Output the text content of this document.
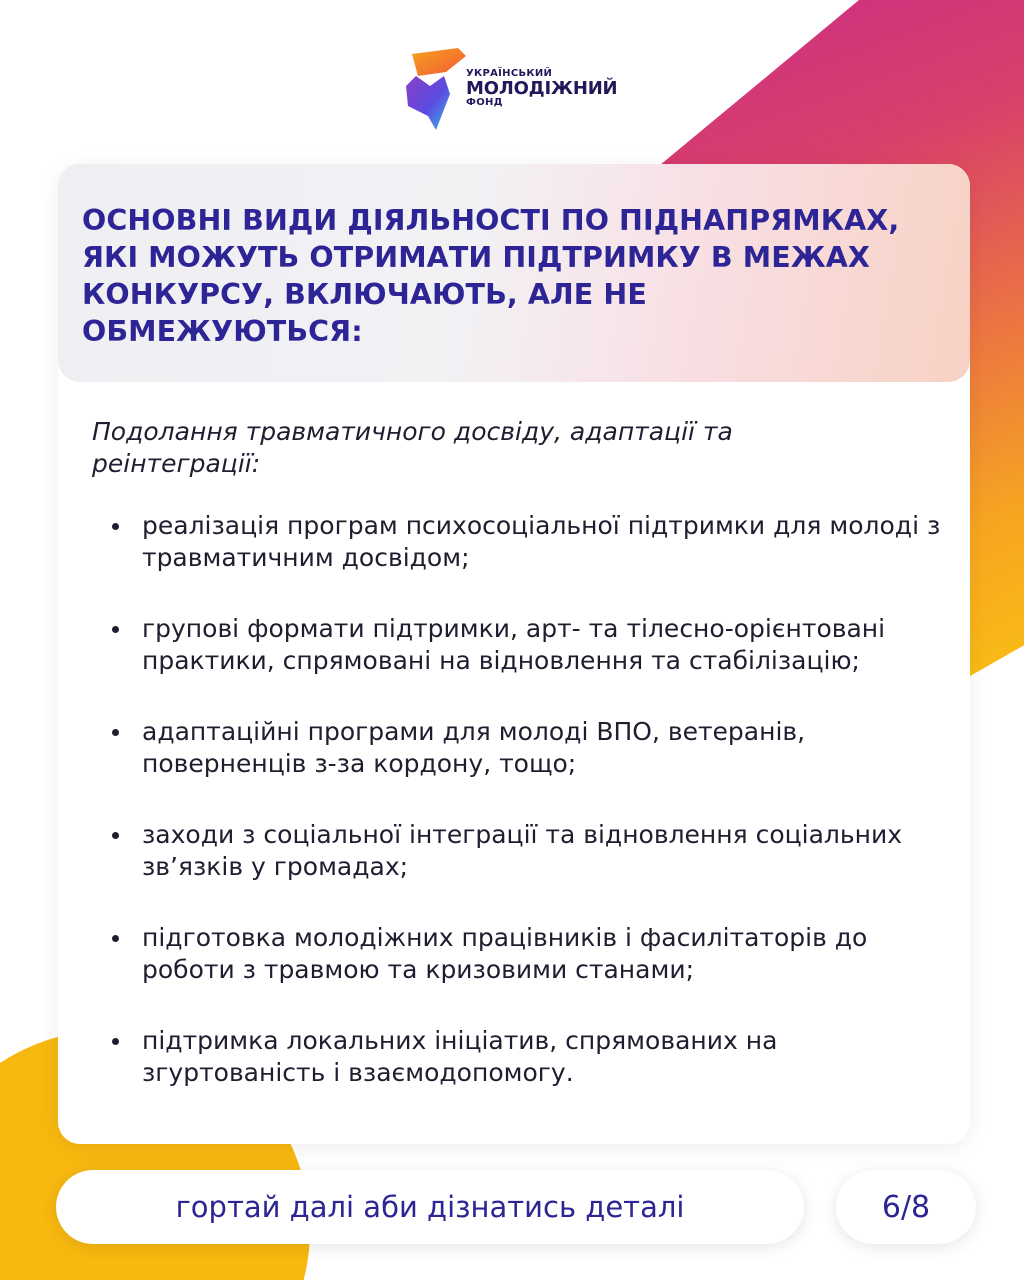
УКРАЇНСЬКИЙ
МОЛОДІЖНИЙ
ФОНД
ОСНОВНІ ВИДИ ДІЯЛЬНОСТІ ПО ПІДНАПРЯМКАХ, ЯКІ МОЖУТЬ ОТРИМАТИ ПІДТРИМКУ В МЕЖАХ КОНКУРСУ, ВКЛЮЧАЮТЬ, АЛЕ НЕ ОБМЕЖУЮТЬСЯ:
Подолання травматичного досвіду, адаптації та реінтеграції:
реалізація програм психосоціальної підтримки для молоді з травматичним досвідом;
групові формати підтримки, арт- та тілесно-орієнтовані практики, спрямовані на відновлення та стабілізацію;
адаптаційні програми для молоді ВПО, ветеранів, поверненців з-за кордону, тощо;
заходи з соціальної інтеграції та відновлення соціальних зв’язків у громадах;
підготовка молодіжних працівників і фасилітаторів до роботи з травмою та кризовими станами;
підтримка локальних ініціатив, спрямованих на згуртованість і взаємодопомогу.
гортай далі аби дізнатись деталі	6/8
